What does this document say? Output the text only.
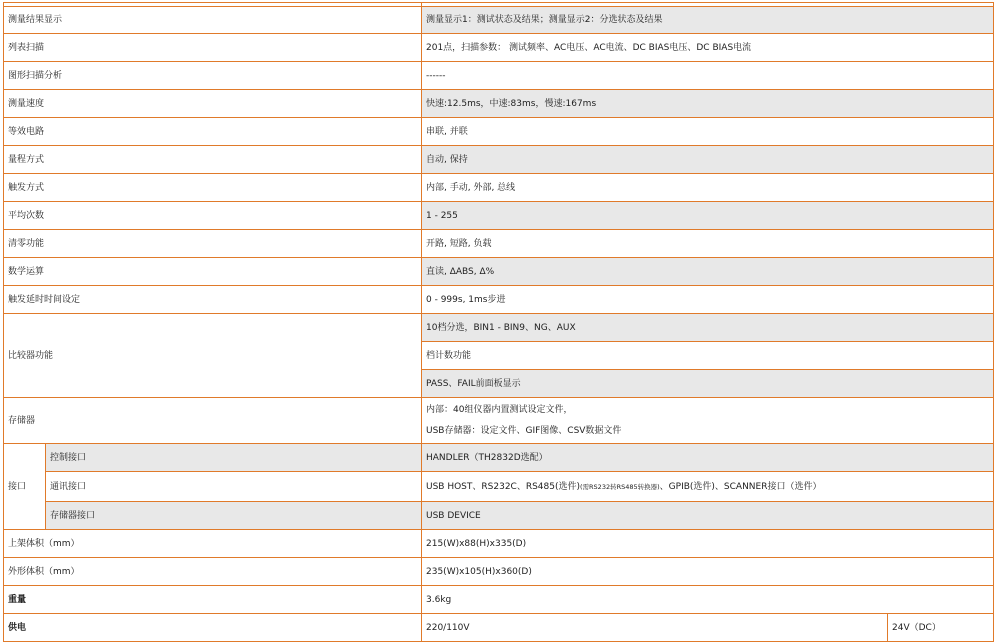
测量结果显示		测量显示1：测试状态及结果；测量显示2：分选状态及结果	
列表扫描		201点，扫描参数： 测试频率、AC电压、AC电流、DC BIAS电压、DC BIAS电流	
图形扫描分析		------	
测量速度		快速:12.5ms，中速:83ms，慢速:167ms	
等效电路		串联, 并联	
量程方式		自动, 保持	
触发方式		内部, 手动, 外部, 总线	
平均次数		1 - 255	
清零功能		开路, 短路, 负载	
数学运算		直读, ΔABS, Δ%	
触发延时时间设定		0 - 999s, 1ms步进	
比较器功能		10档分选，BIN1 - BIN9、NG、AUX	
		档计数功能	
		PASS、FAIL前面板显示	
存储器		内部：40组仪器内置测试设定文件，
USB存储器：设定文件、GIF图像、CSV数据文件	

接口	控制接口	HANDLER（TH2832D选配）	
	通讯接口	USB HOST、RS232C、RS485(选件)(需RS232转RS485转换器)、GPIB(选件)、SCANNER接口（选件）	
	存储器接口	USB DEVICE	
上架体积（mm）		215(W)x88(H)x335(D)	
外形体积（mm）		235(W)x105(H)x360(D)	
重量		3.6kg	
供电		220/110V	24V（DC）
